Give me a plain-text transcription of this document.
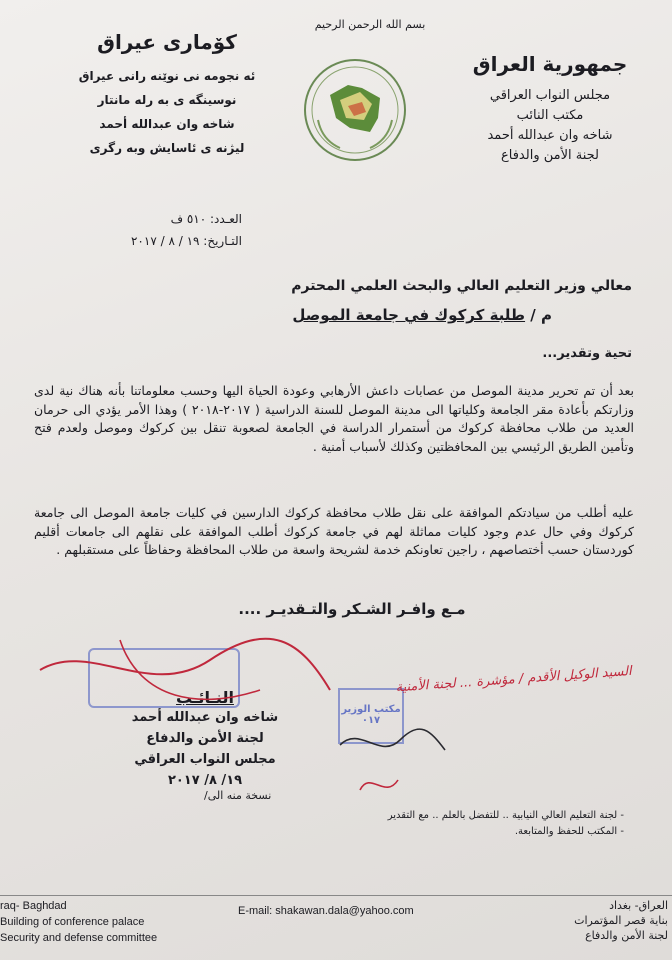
بسم الله الرحمن الرحيم
جمهورية العراق
مجلس النواب العراقي
مكتب النائب
شاخه وان عبدالله أحمد
لجنة الأمن والدفاع
كۆمارى عیراق
ئه نجومه نى نوێنه رانى عیراق
نوسینگه ى به رله مانتار
شاخه وان عبدالله أحمد
لیژنه ى ئاسایش وبه رگرى
العـدد: ٥١٠ ف
التـاريخ: ١٩ / ٨ / ٢٠١٧
معالي وزير التعليم العالي والبحث العلمي المحترم
م / طلبة كركوك في جامعة الموصل
تحية وتقدير...
بعد أن تم تحرير مدينة الموصل من عصابات داعش الأرهابي وعودة الحياة اليها وحسب معلوماتنا بأنه هناك نية لدى وزارتكم بأعادة مقر الجامعة وكلياتها الى مدينة الموصل للسنة الدراسية ( ٢٠١٧-٢٠١٨ ) وهذا الأمر يؤدي الى حرمان العديد من طلاب محافظة كركوك من أستمرار الدراسة في الجامعة لصعوبة تنقل بين كركوك وموصل ولعدم فتح وتأمين الطريق الرئيسي بين المحافظتين وكذلك لأسباب أمنية .
عليه أطلب من سيادتكم الموافقة على نقل طلاب محافظة كركوك الدارسين في كليات جامعة الموصل الى جامعة كركوك وفي حال عدم وجود كليات مماثلة لهم في جامعة كركوك أطلب الموافقة على نقلهم الى جامعات أقليم كوردستان حسب أختصاصهم ، راجين تعاونكم خدمة لشريحة واسعة من طلاب المحافظة وحفاظاً على مستقبلهم .
مـع وافـر الشـكر والتـقديـر ....
مكتب الوزير ٠١٧
النـائـب
شاخه وان عبدالله أحمد
لجنة الأمن والدفاع
مجلس النواب العراقي
١٩/ ٨/ ٢٠١٧
السيد الوكيل الأقدم / مؤشرة ... لجنة الأمنية
نسخة منه الى/
- لجنة التعليم العالي النيابية .. للتفضل بالعلم .. مع التقدير
- المكتب للحفظ والمتابعة.
raq- Baghdad
Building of conference palace
Security and defense committee
E-mail: shakawan.dala@yahoo.com	العراق- بغداد
بناية قصر المؤتمرات
لجنة الأمن والدفاع
